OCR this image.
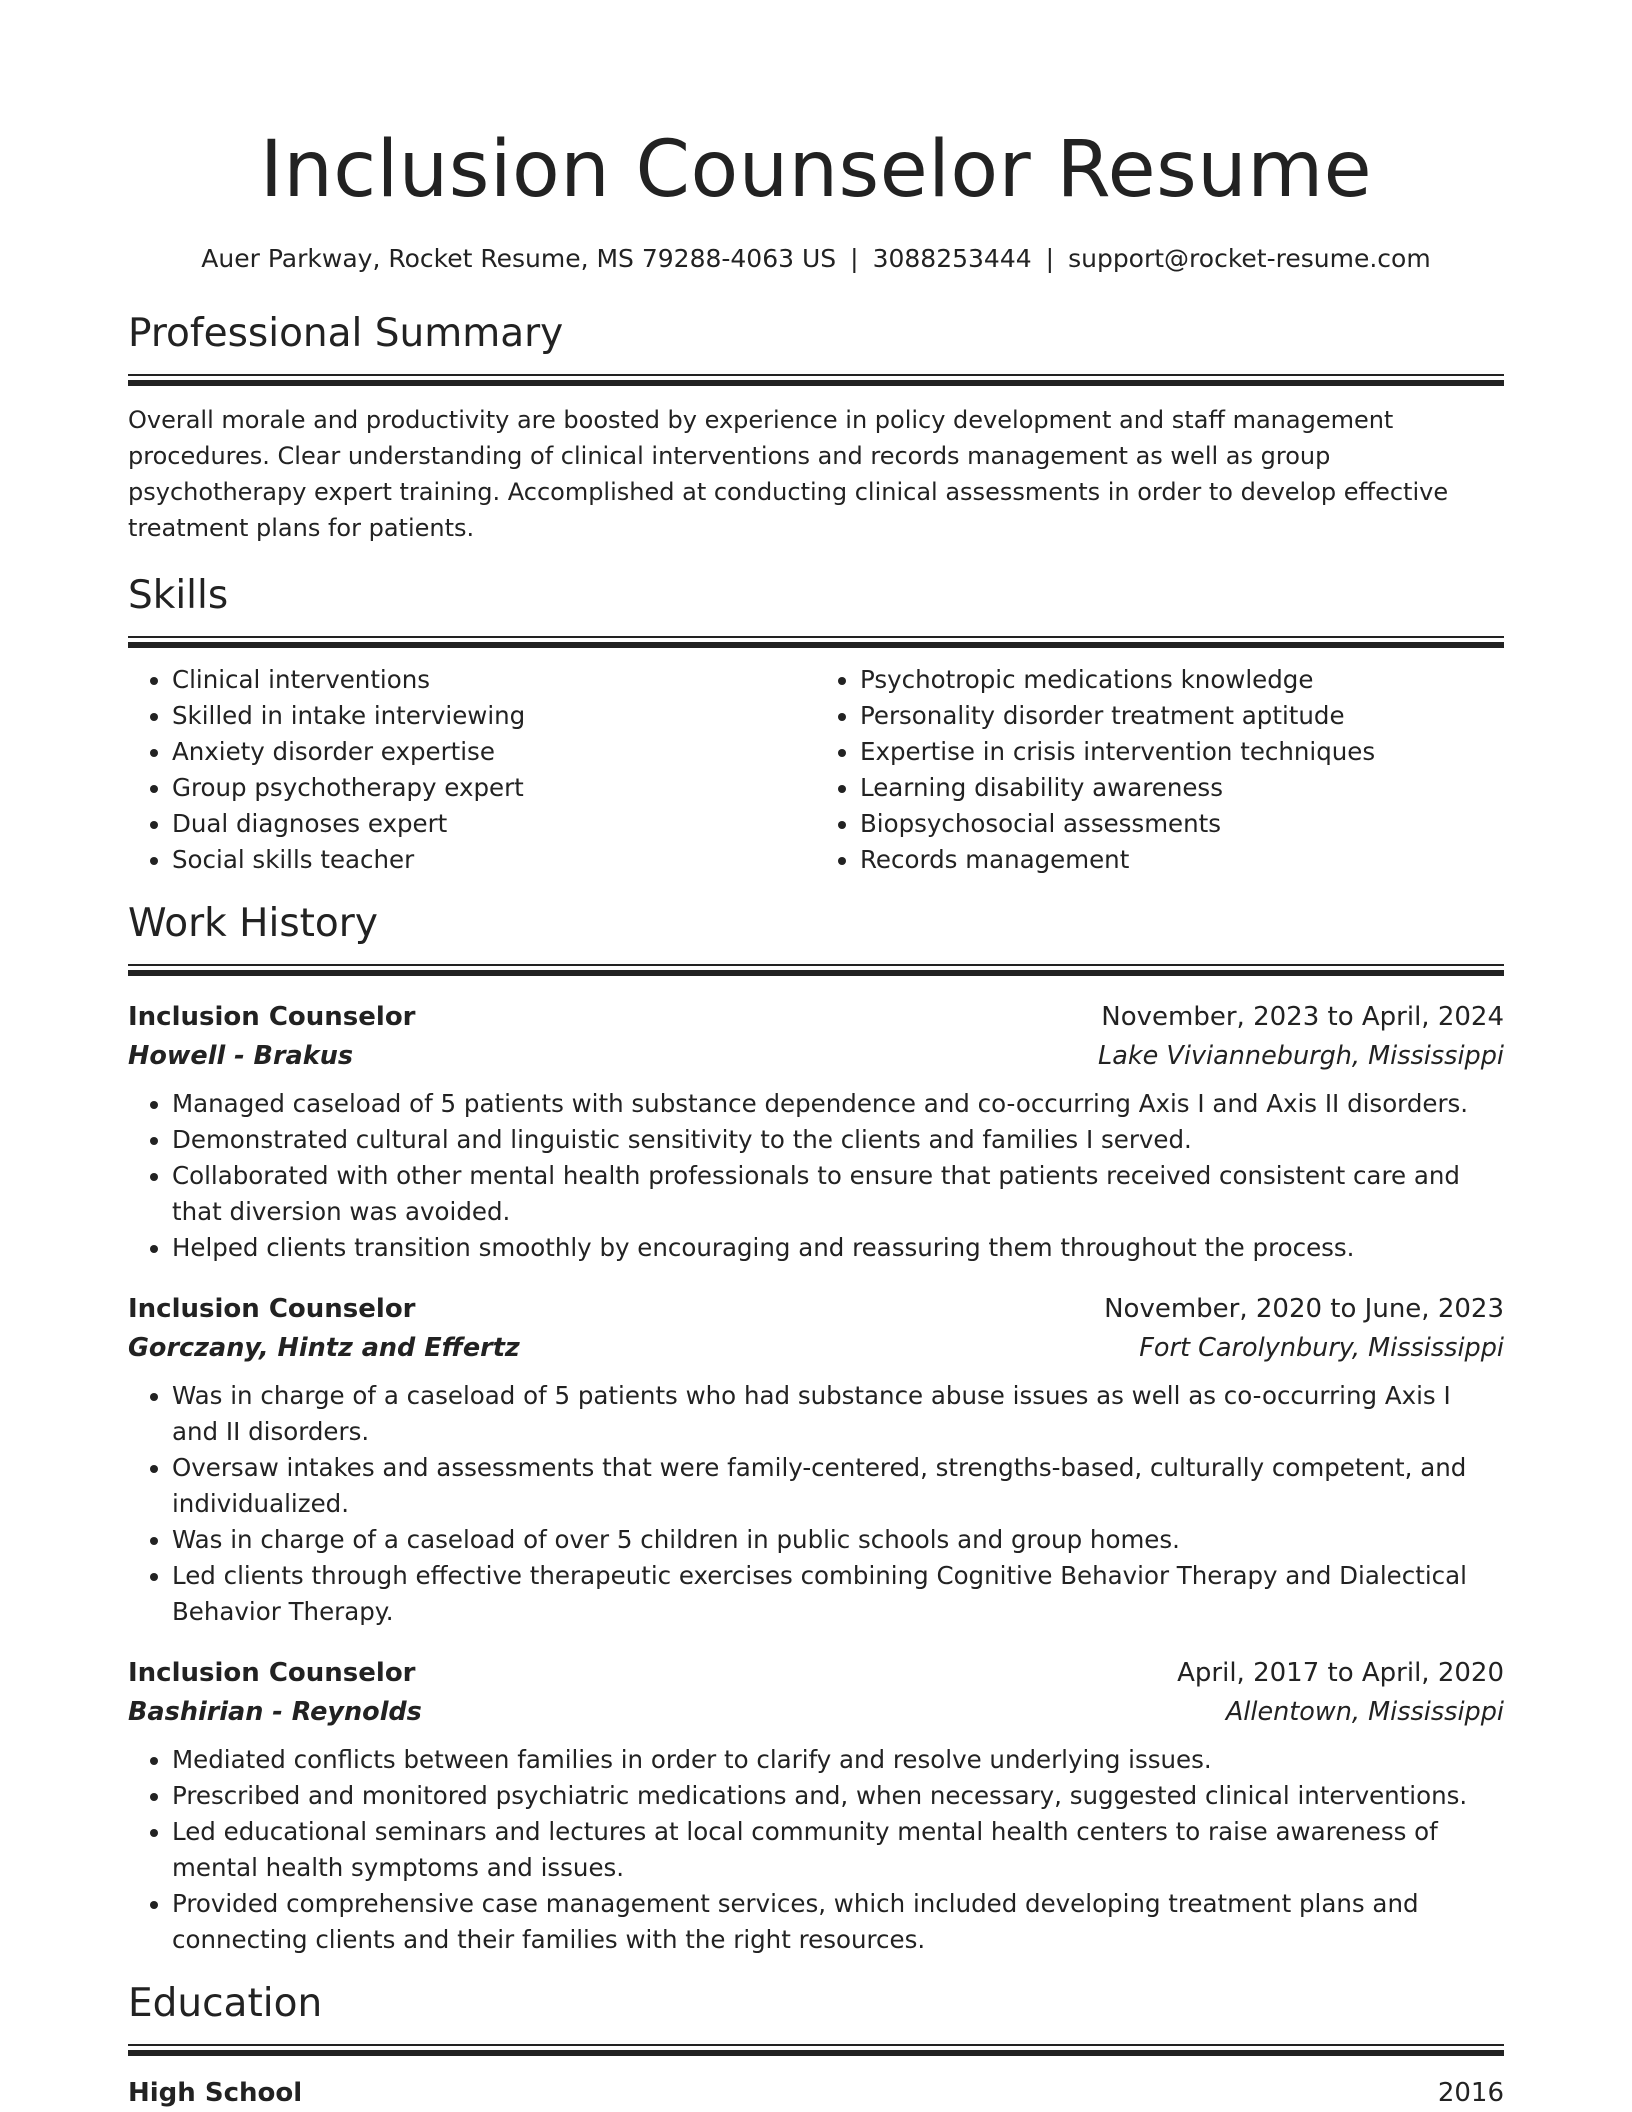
Inclusion Counselor Resume
Auer Parkway, Rocket Resume, MS 79288-4063 US | 3088253444 | support@rocket-resume.com
Professional Summary
Overall morale and productivity are boosted by experience in policy development and staff management procedures. Clear understanding of clinical interventions and records management as well as group psychotherapy expert training. Accomplished at conducting clinical assessments in order to develop effective treatment plans for patients.
Skills
• Clinical interventions
• Skilled in intake interviewing
• Anxiety disorder expertise
• Group psychotherapy expert
• Dual diagnoses expert
• Social skills teacher
• Psychotropic medications knowledge
• Personality disorder treatment aptitude
• Expertise in crisis intervention techniques
• Learning disability awareness
• Biopsychosocial assessments
• Records management
Work History
Inclusion Counselor	November, 2023 to April, 2024
Howell - Brakus	Lake Vivianneburgh, Mississippi
• Managed caseload of 5 patients with substance dependence and co-occurring Axis I and Axis II disorders.
• Demonstrated cultural and linguistic sensitivity to the clients and families I served.
• Collaborated with other mental health professionals to ensure that patients received consistent care and that diversion was avoided.
• Helped clients transition smoothly by encouraging and reassuring them throughout the process.
Inclusion Counselor	November, 2020 to June, 2023
Gorczany, Hintz and Effertz	Fort Carolynbury, Mississippi
• Was in charge of a caseload of 5 patients who had substance abuse issues as well as co-occurring Axis I and II disorders.
• Oversaw intakes and assessments that were family-centered, strengths-based, culturally competent, and individualized.
• Was in charge of a caseload of over 5 children in public schools and group homes.
• Led clients through effective therapeutic exercises combining Cognitive Behavior Therapy and Dialectical Behavior Therapy.
Inclusion Counselor	April, 2017 to April, 2020
Bashirian - Reynolds	Allentown, Mississippi
• Mediated conflicts between families in order to clarify and resolve underlying issues.
• Prescribed and monitored psychiatric medications and, when necessary, suggested clinical interventions.
• Led educational seminars and lectures at local community mental health centers to raise awareness of mental health symptoms and issues.
• Provided comprehensive case management services, which included developing treatment plans and connecting clients and their families with the right resources.
Education
High School	2016
